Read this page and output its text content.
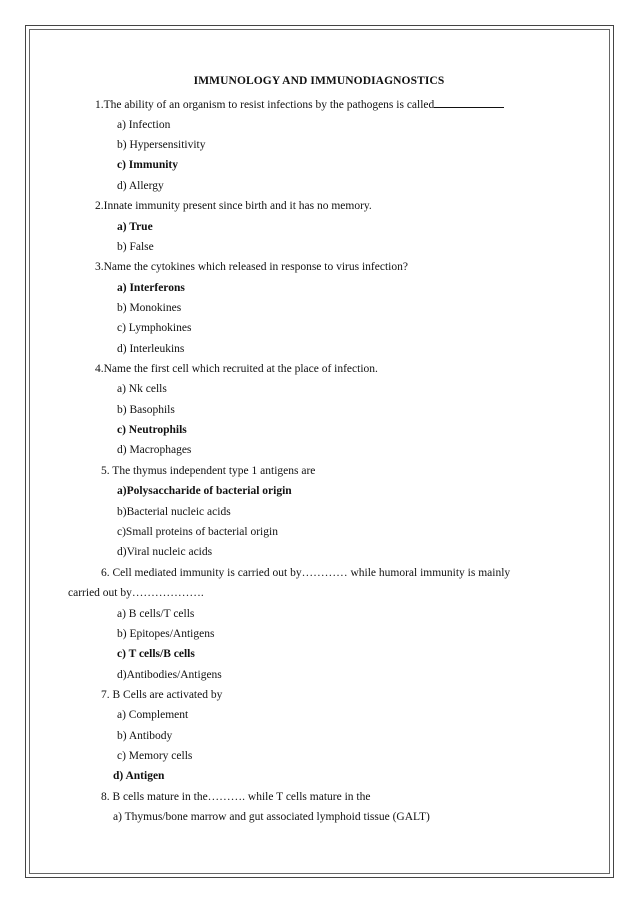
IMMUNOLOGY AND IMMUNODIAGNOSTICS
1.The ability of an organism to resist infections by the pathogens is called
a) Infection
b) Hypersensitivity
c) Immunity
d) Allergy
2.Innate immunity present since birth and it has no memory.
a) True
b) False
3.Name the cytokines which released in response to virus infection?
a) Interferons
b) Monokines
c) Lymphokines
d) Interleukins
4.Name the first cell which recruited at the place of infection.
a) Nk cells
b) Basophils
c) Neutrophils
d) Macrophages
5. The thymus independent type 1 antigens are
a)Polysaccharide of bacterial origin
b)Bacterial nucleic acids
c)Small proteins of bacterial origin
d)Viral nucleic acids
6. Cell mediated immunity is carried out by………… while humoral immunity is mainly
carried out by……………….
a) B cells/T cells
b) Epitopes/Antigens
c) T cells/B cells
d)Antibodies/Antigens
7. B Cells are activated by
a) Complement
b) Antibody
c) Memory cells
d) Antigen
8. B cells mature in the………. while T cells mature in the
a) Thymus/bone marrow and gut associated lymphoid tissue (GALT)
